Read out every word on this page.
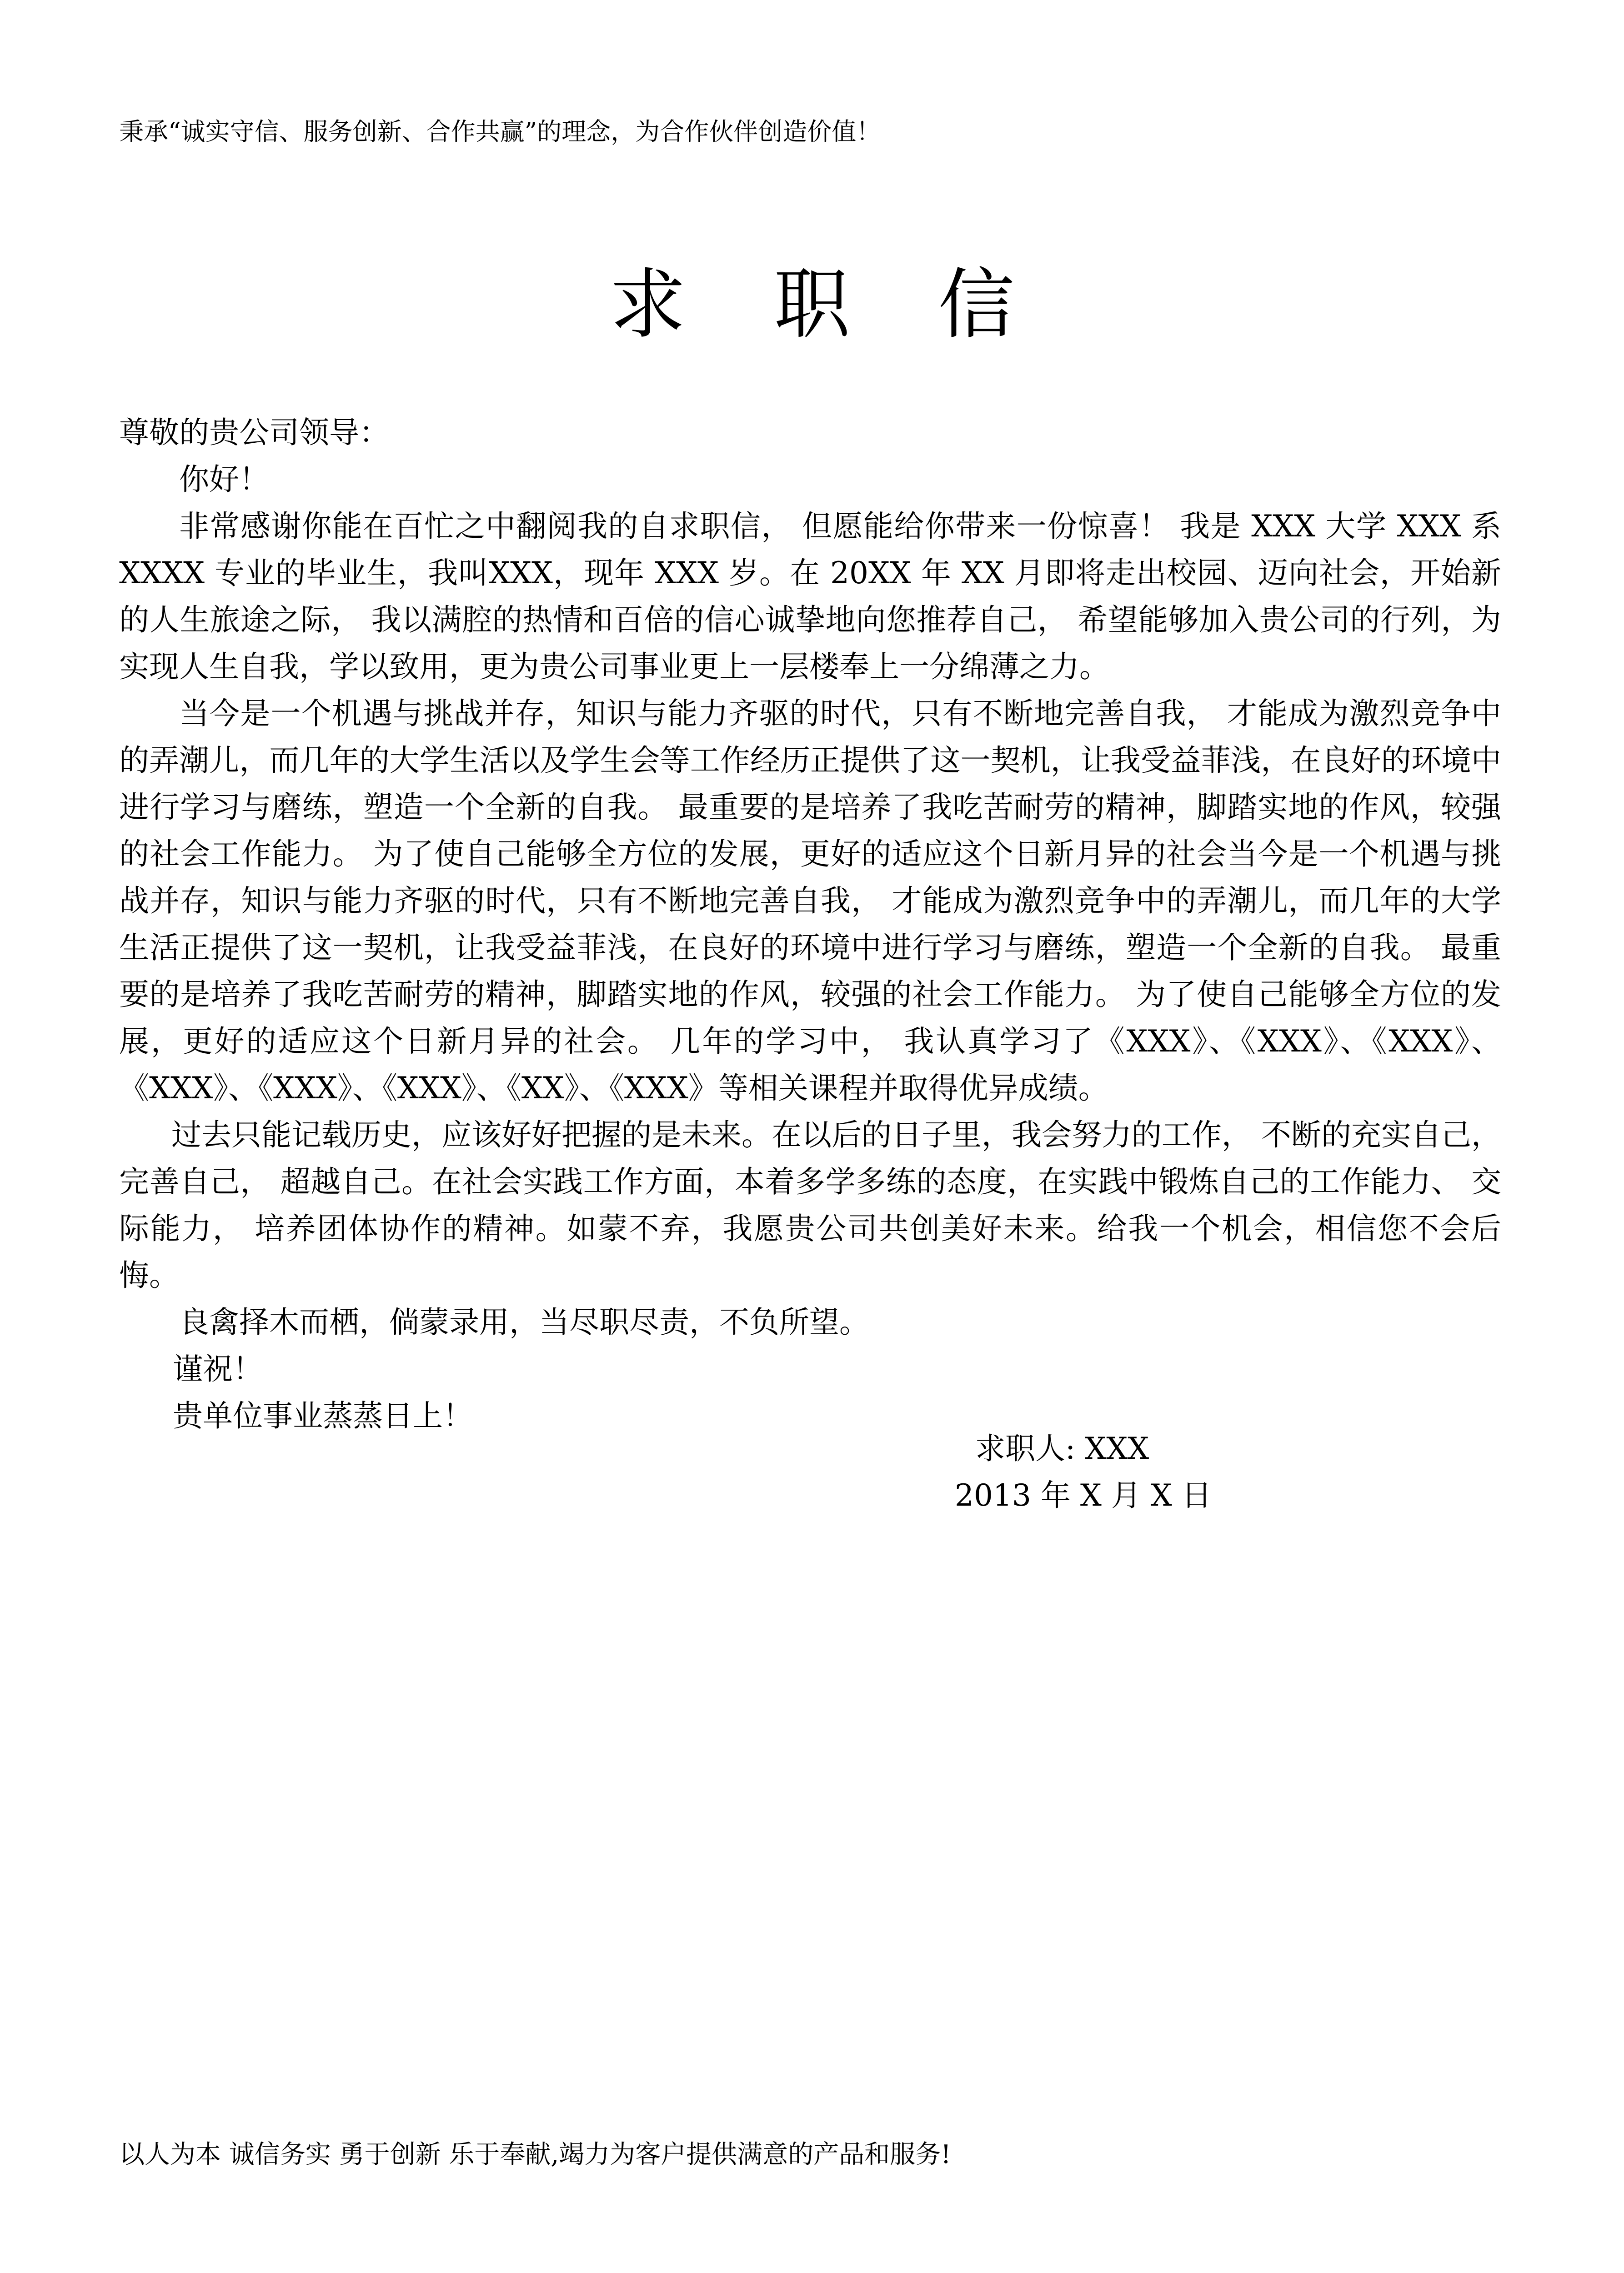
秉承“诚实守信、服务创新、合作共赢”的理念，为合作伙伴创造价值！
求 职 信

尊敬的贵公司领导：

你好！

非常感谢你能在百忙之中翻阅我的自求职信， 但愿能给你带来一份惊喜！ 我是 XXX 大学 XXX 系 XXXX 专业的毕业生，我叫XXX，现年 XXX 岁。在 20XX 年 XX 月即将走出校园、迈向社会，开始新的人生旅途之际， 我以满腔的热情和百倍的信心诚挚地向您推荐自己， 希望能够加入贵公司的行列，为实现人生自我，学以致用，更为贵公司事业更上一层楼奉上一分绵薄之力。

当今是一个机遇与挑战并存，知识与能力齐驱的时代，只有不断地完善自我， 才能成为激烈竞争中的弄潮儿，而几年的大学生活以及学生会等工作经历正提供了这一契机，让我受益菲浅，在良好的环境中进行学习与磨练，塑造一个全新的自我。 最重要的是培养了我吃苦耐劳的精神，脚踏实地的作风，较强的社会工作能力。 为了使自己能够全方位的发展，更好的适应这个日新月异的社会当今是一个机遇与挑战并存，知识与能力齐驱的时代，只有不断地完善自我， 才能成为激烈竞争中的弄潮儿，而几年的大学生活正提供了这一契机，让我受益菲浅，在良好的环境中进行学习与磨练，塑造一个全新的自我。 最重要的是培养了我吃苦耐劳的精神，脚踏实地的作风，较强的社会工作能力。 为了使自己能够全方位的发展，更好的适应这个日新月异的社会。 几年的学习中， 我认真学习了《XXX》、《XXX》、《XXX》、《XXX》、《XXX》、《XXX》、《XX》、《XXX》等相关课程并取得优异成绩。

过去只能记载历史，应该好好把握的是未来。在以后的日子里，我会努力的工作， 不断的充实自己， 完善自己， 超越自己。在社会实践工作方面，本着多学多练的态度，在实践中锻炼自己的工作能力、 交际能力， 培养团体协作的精神。如蒙不弃，我愿贵公司共创美好未来。给我一个机会，相信您不会后悔。

良禽择木而栖，倘蒙录用，当尽职尽责，不负所望。

谨祝！

贵单位事业蒸蒸日上！

求职人: XXX
2013 年 X 月 X 日
以人为本 诚信务实 勇于创新 乐于奉献,竭力为客户提供满意的产品和服务!
